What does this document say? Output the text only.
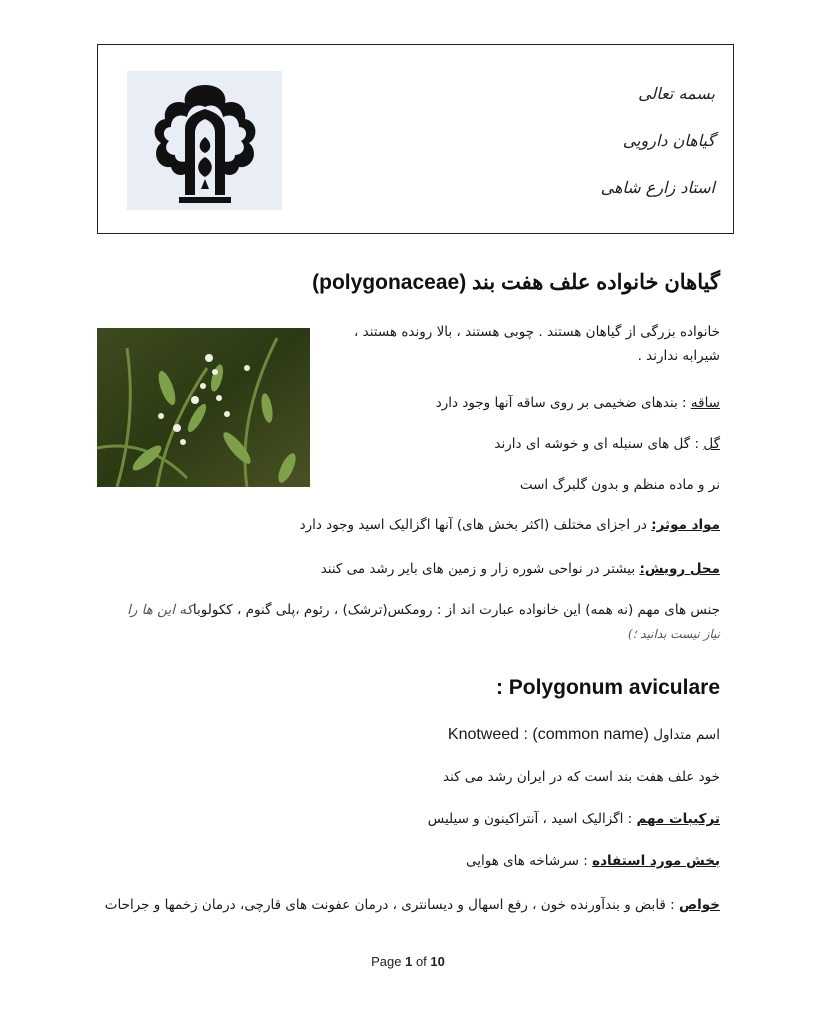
بسمه تعالی
گیاهان دارویی
استاد زارع شاهی
گیاهان خانواده علف هفت بند (polygonaceae)
خانواده بزرگی از گیاهان هستند . چوبی هستند ، بالا رونده هستند ،
شیرابه ندارند .
ساقه : بندهای ضخیمی بر روی ساقه آنها وجود دارد
گل : گل های سنبله ای و خوشه ای دارند
نر و ماده منظم و بدون گلبرگ است
مواد موثر: در اجزای مختلف (اکثر بخش های) آنها اگزالیک اسید وجود دارد
محل رویش: بیشتر در نواحی شوره زار و زمین های بایر رشد می کنند
جنس های مهم (نه همه) این خانواده عبارت اند از : رومکس(ترشک) ، رئوم ،پلی گنوم ، ککولوباکه این ها را
نیاز نیست بدانید ؛)
Polygonum aviculare :
اسم متداول (common name) : Knotweed
خود علف هفت بند است که در ایران رشد می کند
ترکیبات مهم : اگزالیک اسید ، آنتراکینون و سیلیس
بخش مورد استفاده : سرشاخه های هوایی
خواص : قابض و بندآورنده خون ، رفع اسهال و دیسانتری ، درمان عفونت های قارچی، درمان زخمها و جراحات
Page 1 of 10
